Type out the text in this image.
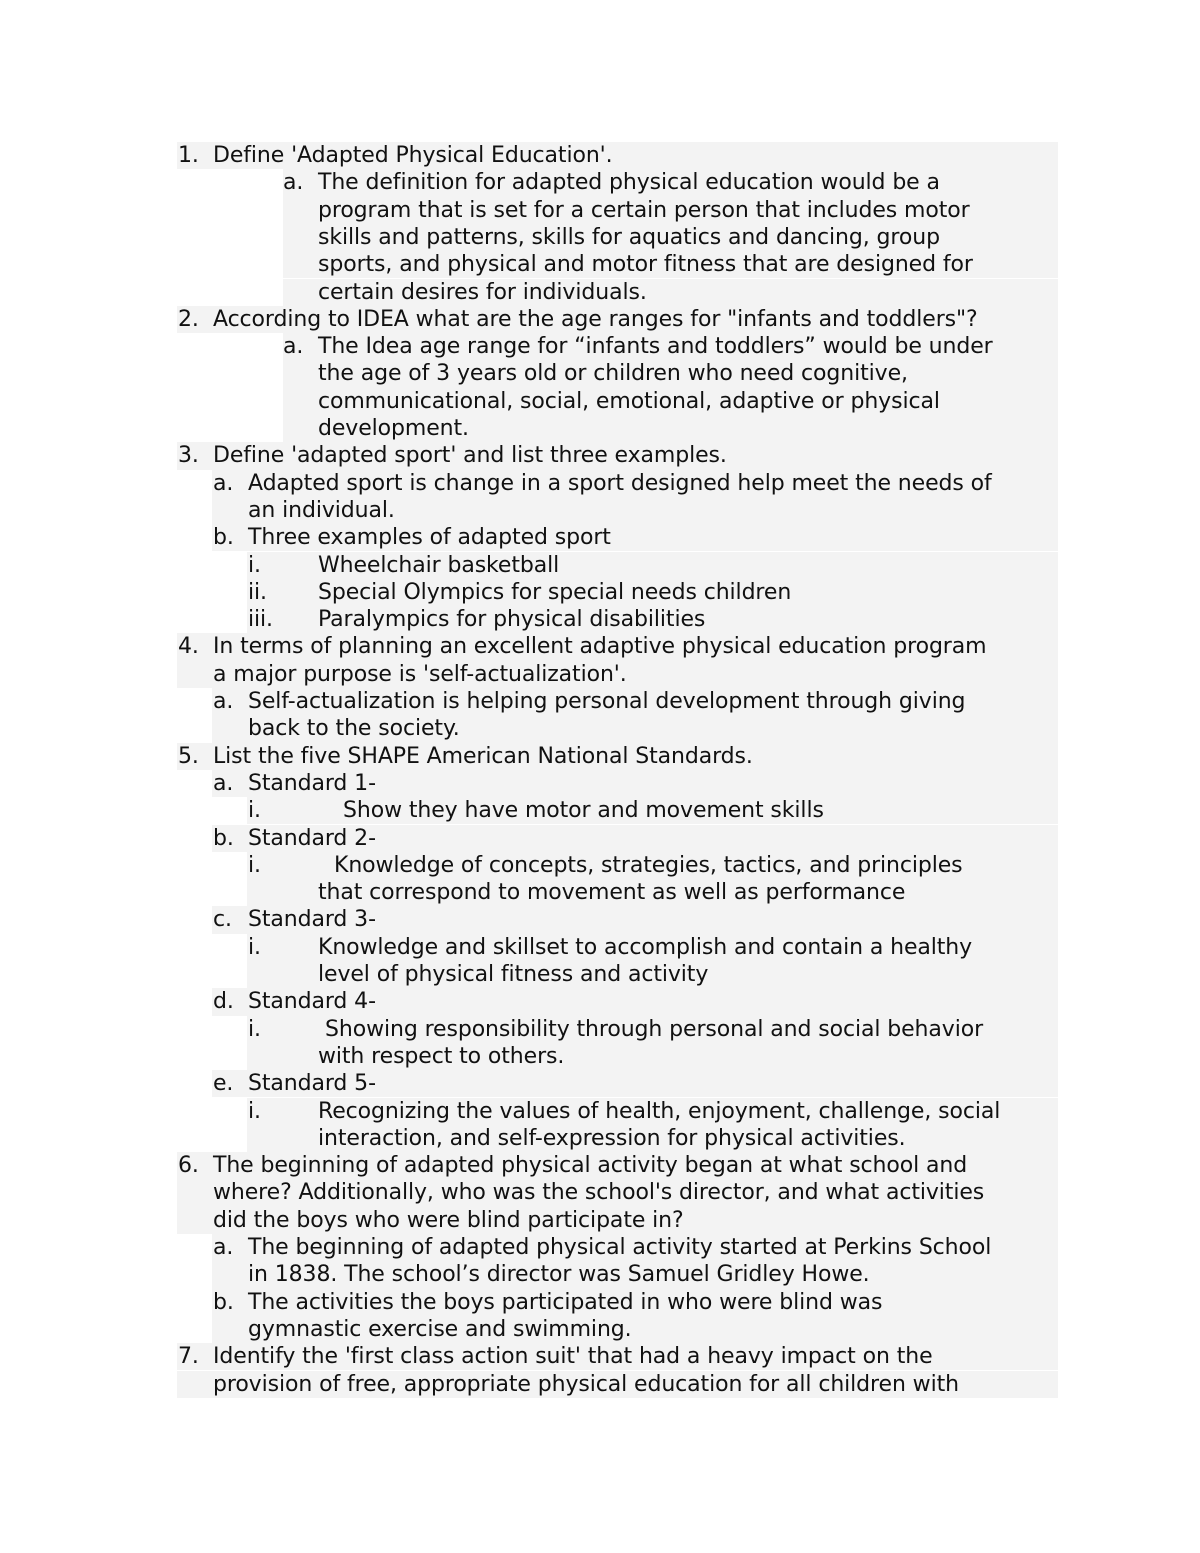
1. Define 'Adapted Physical Education'.
a. The definition for adapted physical education would be a
program that is set for a certain person that includes motor
skills and patterns, skills for aquatics and dancing, group
sports, and physical and motor fitness that are designed for
certain desires for individuals.
2. According to IDEA what are the age ranges for "infants and toddlers"?
a. The Idea age range for “infants and toddlers” would be under
the age of 3 years old or children who need cognitive,
communicational, social, emotional, adaptive or physical
development.
3. Define 'adapted sport' and list three examples.
a. Adapted sport is change in a sport designed help meet the needs of
an individual.
b. Three examples of adapted sport
i.	Wheelchair basketball
ii. Special Olympics for special needs children
iii. Paralympics for physical disabilities
4. In terms of planning an excellent adaptive physical education program
a major purpose is 'self-actualization'.
a. Self-actualization is helping personal development through giving
back to the society.
5. List the five SHAPE American National Standards.
a. Standard 1-
i.	Show they have motor and movement skills
b. Standard 2-
i.	Knowledge of concepts, strategies, tactics, and principles
that correspond to movement as well as performance
c. Standard 3-
i.	Knowledge and skillset to accomplish and contain a healthy
level of physical fitness and activity
d. Standard 4-
i.	Showing responsibility through personal and social behavior
with respect to others.
e. Standard 5-
i.	Recognizing the values of health, enjoyment, challenge, social
interaction, and self-expression for physical activities.
6. The beginning of adapted physical activity began at what school and
where? Additionally, who was the school's director, and what activities
did the boys who were blind participate in?
a. The beginning of adapted physical activity started at Perkins School
in 1838. The school’s director was Samuel Gridley Howe.
b. The activities the boys participated in who were blind was
gymnastic exercise and swimming.
7. Identify the 'first class action suit' that had a heavy impact on the
provision of free, appropriate physical education for all children with
